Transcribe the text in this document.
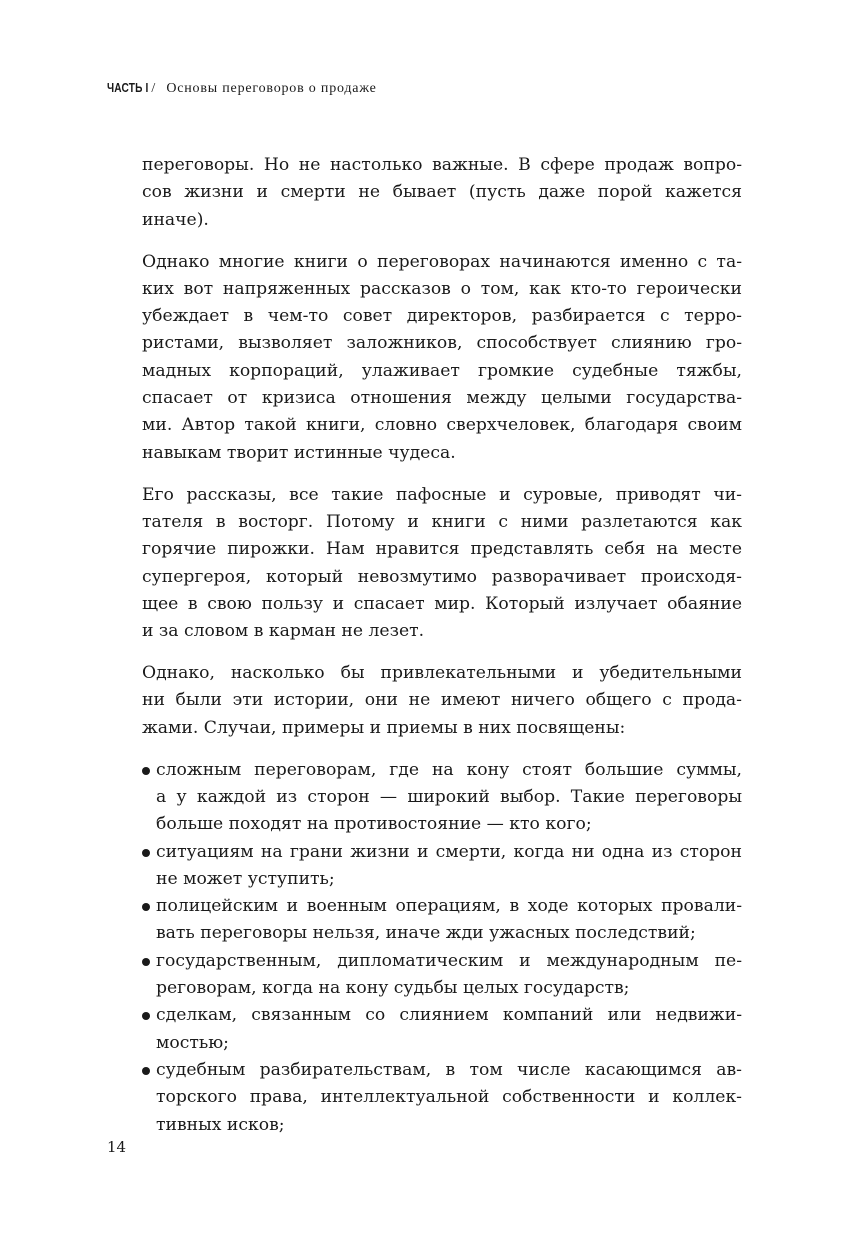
ЧАСТЬ I / Основы переговоров о продаже
переговоры. Но не настолько важные. В сфере продаж вопро-
сов жизни и смерти не бывает (пусть даже порой кажется
иначе).
Однако многие книги о переговорах начинаются именно с та-
ких вот напряженных рассказов о том, как кто-то героически
убеждает в чем-то совет директоров, разбирается с терро-
ристами, вызволяет заложников, способствует слиянию гро-
мадных корпораций, улаживает громкие судебные тяжбы,
спасает от кризиса отношения между целыми государства-
ми. Автор такой книги, словно сверхчеловек, благодаря своим
навыкам творит истинные чудеса.
Его рассказы, все такие пафосные и суровые, приводят чи-
тателя в восторг. Потому и книги с ними разлетаются как
горячие пирожки. Нам нравится представлять себя на месте
супергероя, который невозмутимо разворачивает происходя-
щее в свою пользу и спасает мир. Который излучает обаяние
и за словом в карман не лезет.
Однако, насколько бы привлекательными и убедительными
ни были эти истории, они не имеют ничего общего с прода-
жами. Случаи, примеры и приемы в них посвящены:
сложным переговорам, где на кону стоят большие суммы,
а у каждой из сторон — широкий выбор. Такие переговоры
больше походят на противостояние — кто кого;
ситуациям на грани жизни и смерти, когда ни одна из сторон
не может уступить;
полицейским и военным операциям, в ходе которых провали-
вать переговоры нельзя, иначе жди ужасных последствий;
государственным, дипломатическим и международным пе-
реговорам, когда на кону судьбы целых государств;
сделкам, связанным со слиянием компаний или недвижи-
мостью;
судебным разбирательствам, в том числе касающимся ав-
торского права, интеллектуальной собственности и коллек-
тивных исков;
14
